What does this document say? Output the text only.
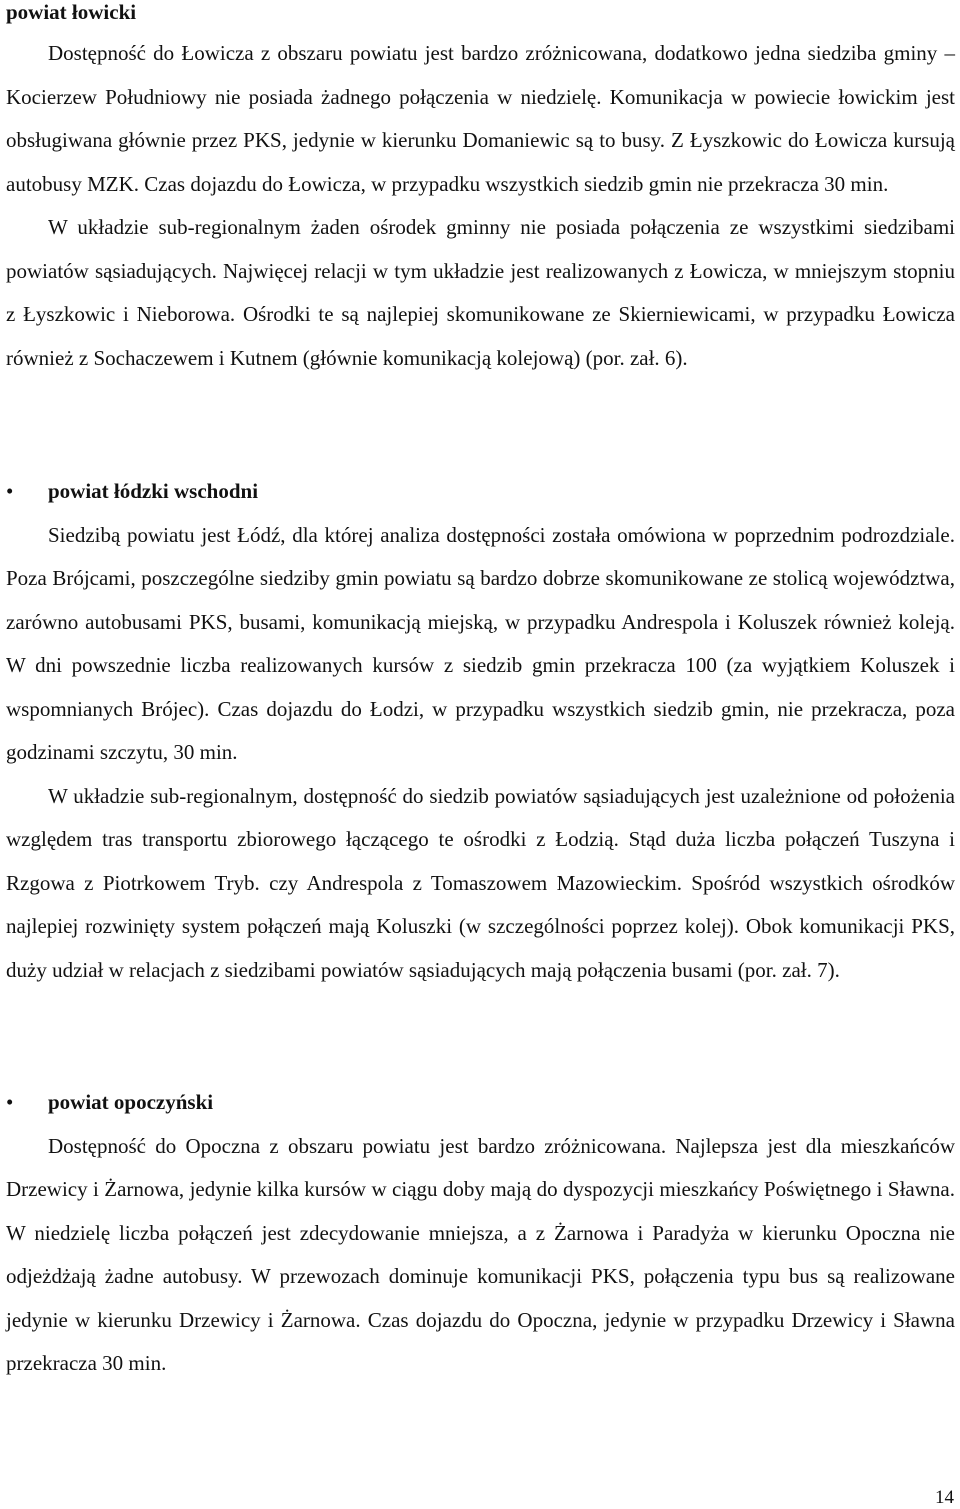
powiat łowicki

Dostępność do Łowicza z obszaru powiatu jest bardzo zróżnicowana, dodatkowo jedna siedziba gminy – Kocierzew Południowy nie posiada żadnego połączenia w niedzielę. Komunikacja w powiecie łowickim jest obsługiwana głównie przez PKS, jedynie w kierunku Domaniewic są to busy. Z Łyszkowic do Łowicza kursują autobusy MZK. Czas dojazdu do Łowicza, w przypadku wszystkich siedzib gmin nie przekracza 30 min.

W układzie sub-regionalnym żaden ośrodek gminny nie posiada połączenia ze wszystkimi siedzibami powiatów sąsiadujących. Najwięcej relacji w tym układzie jest realizowanych z Łowicza, w mniejszym stopniu z Łyszkowic i Nieborowa. Ośrodki te są najlepiej skomunikowane ze Skierniewicami, w przypadku Łowicza również z Sochaczewem i Kutnem (głównie komunikacją kolejową) (por. zał. 6).

• powiat łódzki wschodni

Siedzibą powiatu jest Łódź, dla której analiza dostępności została omówiona w poprzednim podrozdziale. Poza Brójcami, poszczególne siedziby gmin powiatu są bardzo dobrze skomunikowane ze stolicą województwa, zarówno autobusami PKS, busami, komunikacją miejską, w przypadku Andrespola i Koluszek również koleją. W dni powszednie liczba realizowanych kursów z siedzib gmin przekracza 100 (za wyjątkiem Koluszek i wspomnianych Brójec). Czas dojazdu do Łodzi, w przypadku wszystkich siedzib gmin, nie przekracza, poza godzinami szczytu, 30 min.

W układzie sub-regionalnym, dostępność do siedzib powiatów sąsiadujących jest uzależnione od położenia względem tras transportu zbiorowego łączącego te ośrodki z Łodzią. Stąd duża liczba połączeń Tuszyna i Rzgowa z Piotrkowem Tryb. czy Andrespola z Tomaszowem Mazowieckim. Spośród wszystkich ośrodków najlepiej rozwinięty system połączeń mają Koluszki (w szczególności poprzez kolej). Obok komunikacji PKS, duży udział w relacjach z siedzibami powiatów sąsiadujących mają połączenia busami (por. zał. 7).

• powiat opoczyński

Dostępność do Opoczna z obszaru powiatu jest bardzo zróżnicowana. Najlepsza jest dla mieszkańców Drzewicy i Żarnowa, jedynie kilka kursów w ciągu doby mają do dyspozycji mieszkańcy Poświętnego i Sławna. W niedzielę liczba połączeń jest zdecydowanie mniejsza, a z Żarnowa i Paradyża w kierunku Opoczna nie odjeżdżają żadne autobusy. W przewozach dominuje komunikacji PKS, połączenia typu bus są realizowane jedynie w kierunku Drzewicy i Żarnowa. Czas dojazdu do Opoczna, jedynie w przypadku Drzewicy i Sławna przekracza 30 min.

14
